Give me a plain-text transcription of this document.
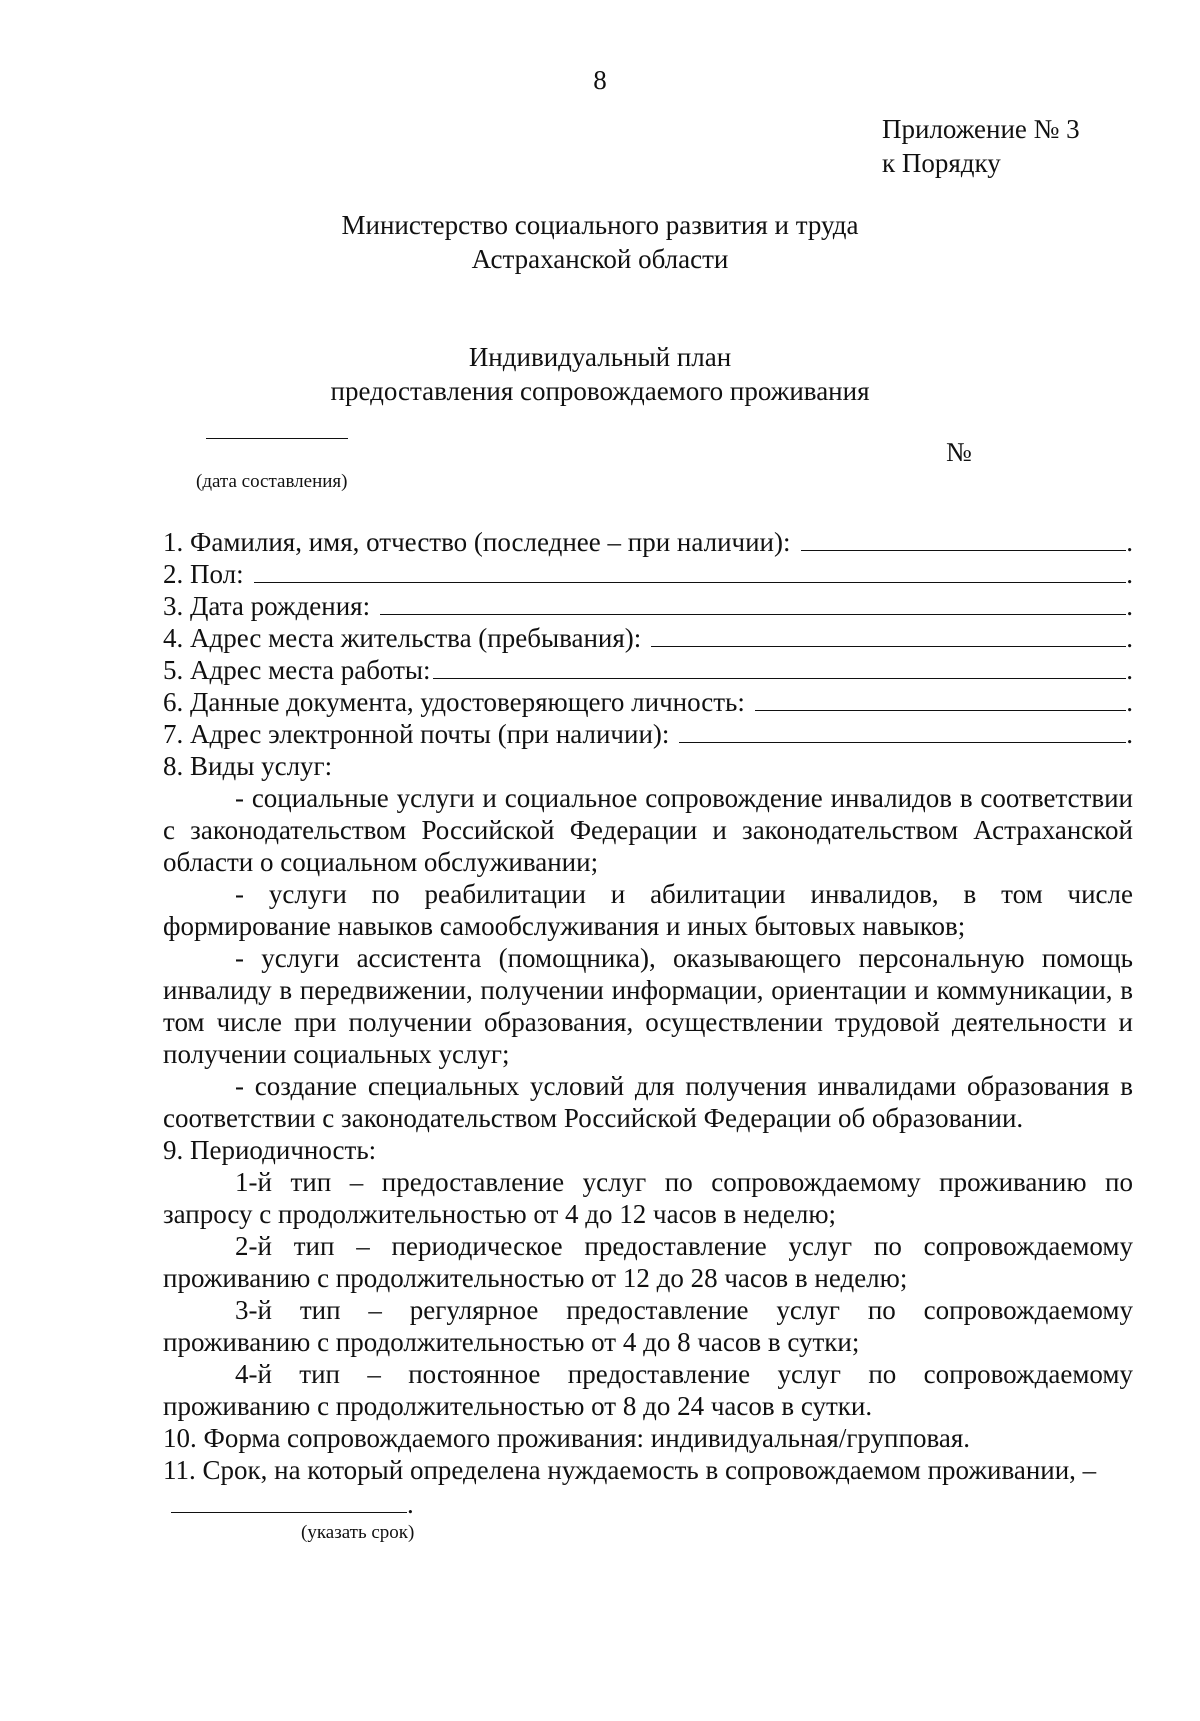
8
Приложение № 3
к Порядку
Министерство социального развития и труда
Астраханской области
Индивидуальный план
предоставления сопровождаемого проживания
(дата составления)
№
1. Фамилия, имя, отчество (последнее – при наличии):	.
2. Пол:	.
3. Дата рождения:	.
4. Адрес места жительства (пребывания):	.
5. Адрес места работы:	.
6. Данные документа, удостоверяющего личность:	.
7. Адрес электронной почты (при наличии):	.
8. Виды услуг:
- социальные услуги и социальное сопровождение инвалидов в соответствии с законодательством Российской Федерации и законодательством Астраханской области о социальном обслуживании;
- услуги по реабилитации и абилитации инвалидов, в том числе формирование навыков самообслуживания и иных бытовых навыков;
- услуги ассистента (помощника), оказывающего персональную помощь инвалиду в передвижении, получении информации, ориентации и коммуникации, в том числе при получении образования, осуществлении трудовой деятельности и получении социальных услуг;
- создание специальных условий для получения инвалидами образования в соответствии с законодательством Российской Федерации об образовании.
9. Периодичность:
1-й тип – предоставление услуг по сопровождаемому проживанию по запросу с продолжительностью от 4 до 12 часов в неделю;
2-й тип – периодическое предоставление услуг по сопровождаемому проживанию с продолжительностью от 12 до 28 часов в неделю;
3-й тип – регулярное предоставление услуг по сопровождаемому проживанию с продолжительностью от 4 до 8 часов в сутки;
4-й тип – постоянное предоставление услуг по сопровождаемому проживанию с продолжительностью от 8 до 24 часов в сутки.
10. Форма сопровождаемого проживания: индивидуальная/групповая.
11. Срок, на который определена нуждаемость в сопровождаемом проживании, – .
(указать срок)
